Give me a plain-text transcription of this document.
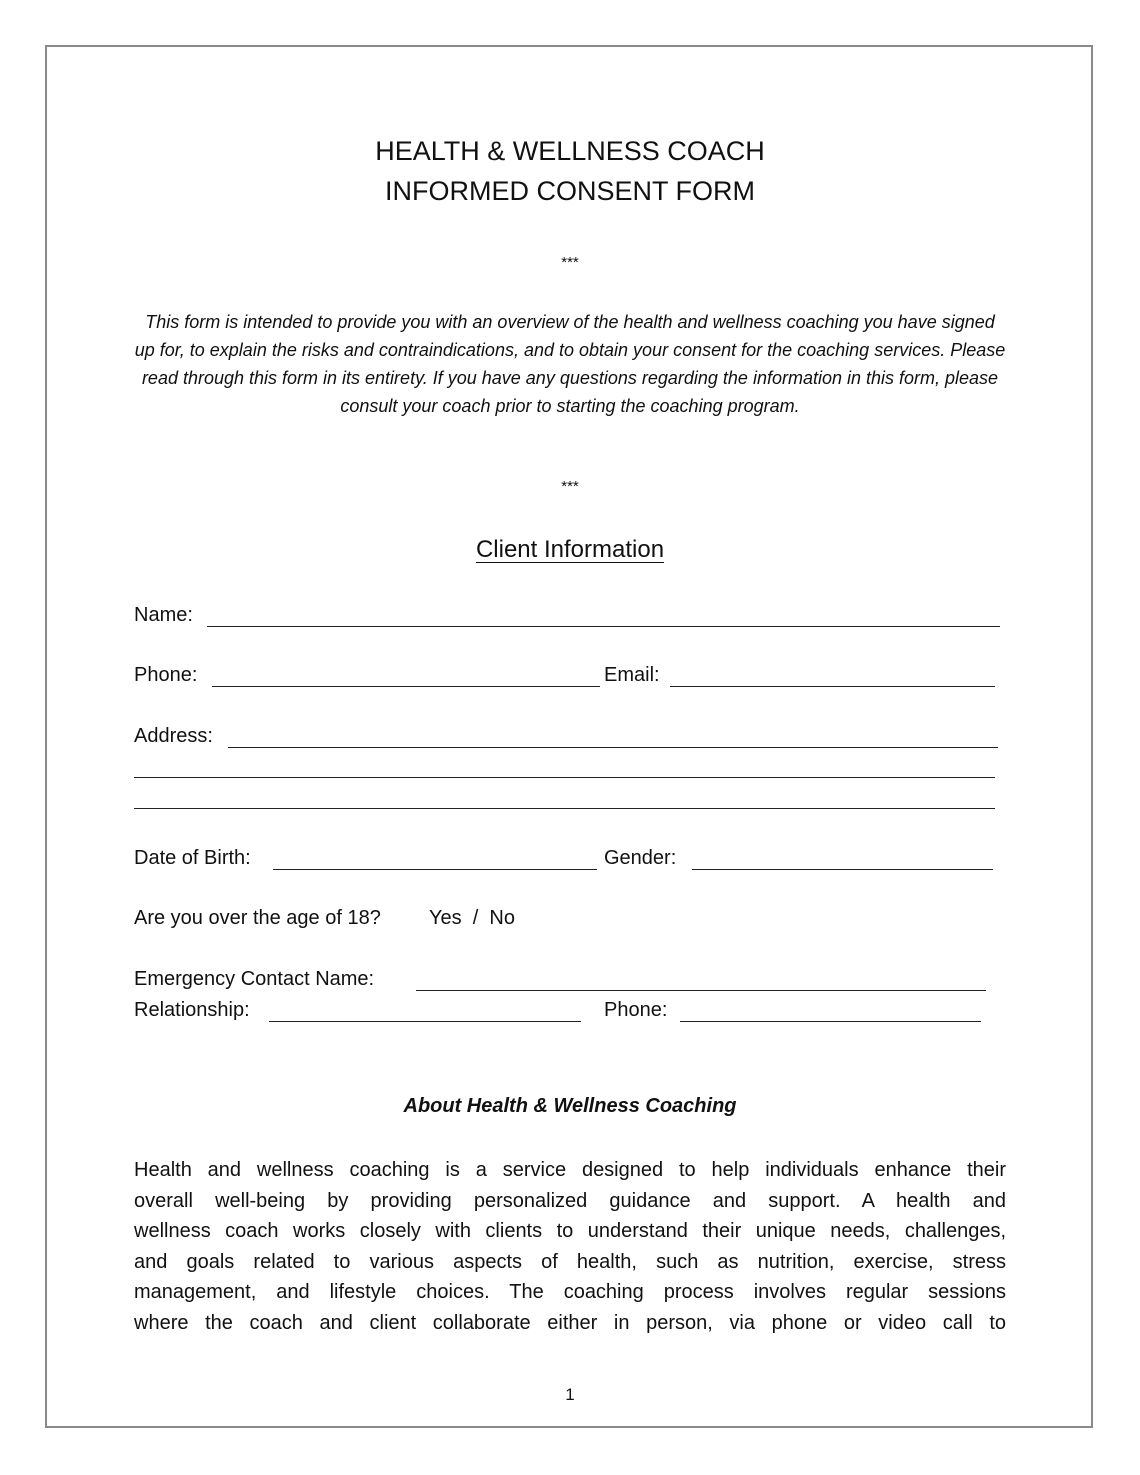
HEALTH & WELLNESS COACH
INFORMED CONSENT FORM
***
This form is intended to provide you with an overview of the health and wellness coaching you have signed up for, to explain the risks and contraindications, and to obtain your consent for the coaching services. Please read through this form in its entirety. If you have any questions regarding the information in this form, please consult your coach prior to starting the coaching program.
***
Client Information
Name:
Phone:	Email:
Address:
Date of Birth:	Gender:
Are you over the age of 18? Yes  /  No
Emergency Contact Name:
Relationship:	Phone:
About Health & Wellness Coaching
Health and wellness coaching is a service designed to help individuals enhance their
overall well-being by providing personalized guidance and support. A health and
wellness coach works closely with clients to understand their unique needs, challenges,
and goals related to various aspects of health, such as nutrition, exercise, stress
management, and lifestyle choices. The coaching process involves regular sessions
where the coach and client collaborate either in person, via phone or video call to
1
